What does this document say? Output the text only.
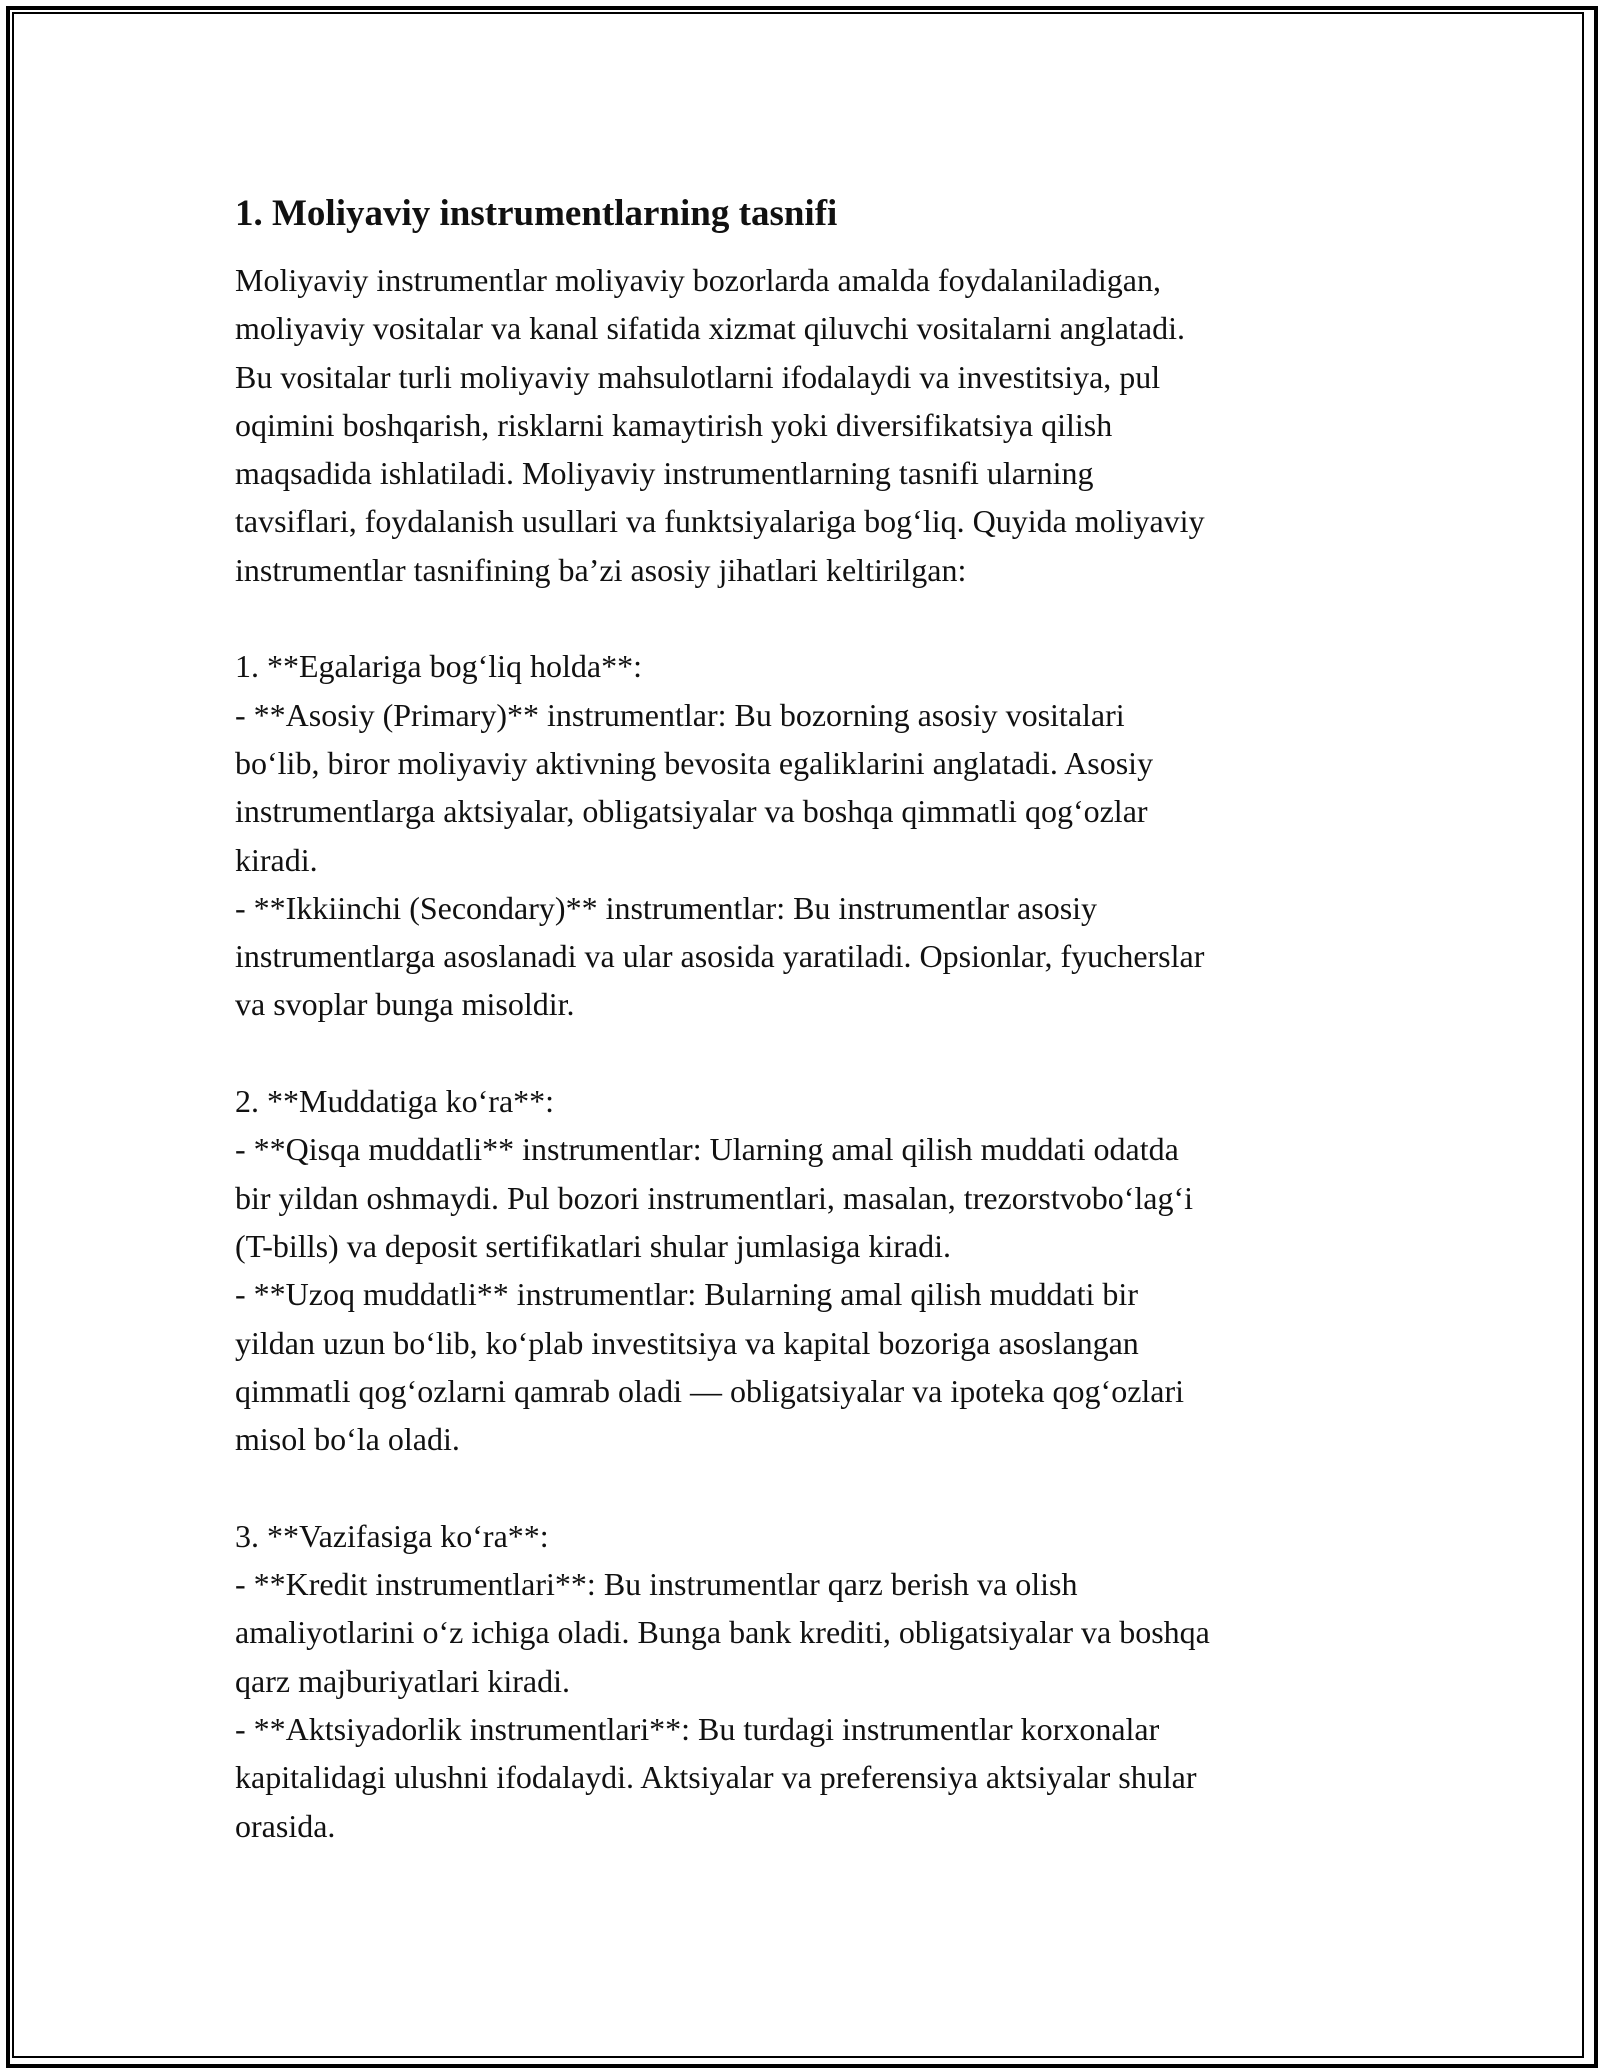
1. Moliyaviy instrumentlarning tasnifi

Moliyaviy instrumentlar moliyaviy bozorlarda amalda foydalaniladigan,
moliyaviy vositalar va kanal sifatida xizmat qiluvchi vositalarni anglatadi.
Bu vositalar turli moliyaviy mahsulotlarni ifodalaydi va investitsiya, pul
oqimini boshqarish, risklarni kamaytirish yoki diversifikatsiya qilish
maqsadida ishlatiladi. Moliyaviy instrumentlarning tasnifi ularning
tavsiflari, foydalanish usullari va funktsiyalariga bog‘liq. Quyida moliyaviy
instrumentlar tasnifining ba’zi asosiy jihatlari keltirilgan:

1. **Egalariga bog‘liq holda**:

- **Asosiy (Primary)** instrumentlar: Bu bozorning asosiy vositalari
bo‘lib, biror moliyaviy aktivning bevosita egaliklarini anglatadi. Asosiy
instrumentlarga aktsiyalar, obligatsiyalar va boshqa qimmatli qog‘ozlar
kiradi.

- **Ikkiinchi (Secondary)** instrumentlar: Bu instrumentlar asosiy
instrumentlarga asoslanadi va ular asosida yaratiladi. Opsionlar, fyucherslar
va svoplar bunga misoldir.

2. **Muddatiga ko‘ra**:

- **Qisqa muddatli** instrumentlar: Ularning amal qilish muddati odatda
bir yildan oshmaydi. Pul bozori instrumentlari, masalan, trezorstvobo‘lag‘i
(T-bills) va deposit sertifikatlari shular jumlasiga kiradi.

- **Uzoq muddatli** instrumentlar: Bularning amal qilish muddati bir
yildan uzun bo‘lib, ko‘plab investitsiya va kapital bozoriga asoslangan
qimmatli qog‘ozlarni qamrab oladi — obligatsiyalar va ipoteka qog‘ozlari
misol bo‘la oladi.

3. **Vazifasiga ko‘ra**:

- **Kredit instrumentlari**: Bu instrumentlar qarz berish va olish
amaliyotlarini o‘z ichiga oladi. Bunga bank krediti, obligatsiyalar va boshqa
qarz majburiyatlari kiradi.

- **Aktsiyadorlik instrumentlari**: Bu turdagi instrumentlar korxonalar
kapitalidagi ulushni ifodalaydi. Aktsiyalar va preferensiya aktsiyalar shular
orasida.
